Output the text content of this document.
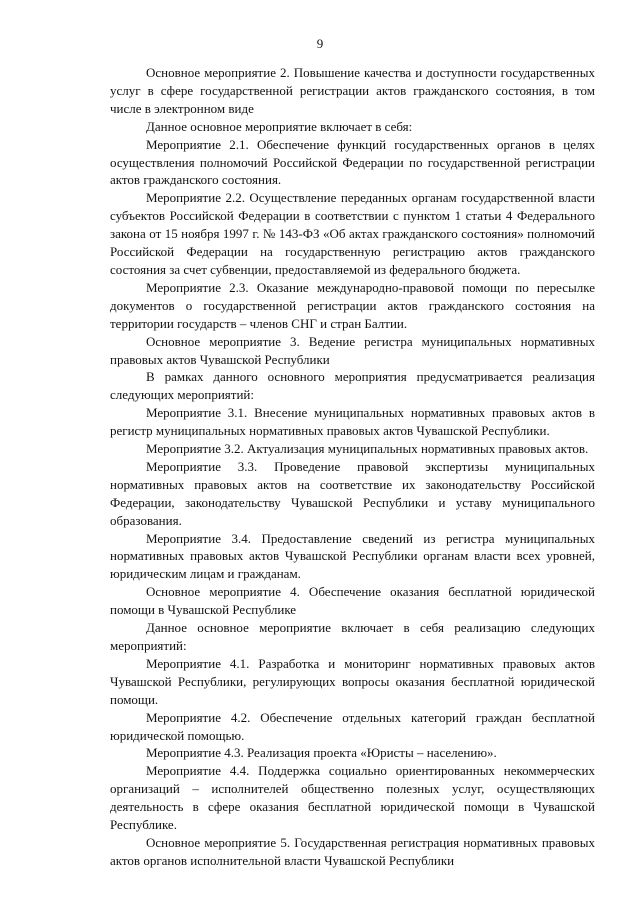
9

Основное мероприятие 2. Повышение качества и доступности государственных услуг в сфере государственной регистрации актов гражданского состояния, в том числе в электронном виде

Данное основное мероприятие включает в себя:

Мероприятие 2.1. Обеспечение функций государственных органов в целях осуществления полномочий Российской Федерации по государственной регистрации актов гражданского состояния.

Мероприятие 2.2. Осуществление переданных органам государственной власти субъектов Российской Федерации в соответствии с пунктом 1 статьи 4 Федерального закона от 15 ноября 1997 г. № 143-ФЗ «Об актах гражданского состояния» полномочий Российской Федерации на государственную регистрацию актов гражданского состояния за счет субвенции, предоставляемой из федерального бюджета.

Мероприятие 2.3. Оказание международно-правовой помощи по пересылке документов о государственной регистрации актов гражданского состояния на территории государств – членов СНГ и стран Балтии.

Основное мероприятие 3. Ведение регистра муниципальных нормативных правовых актов Чувашской Республики

В рамках данного основного мероприятия предусматривается реализация следующих мероприятий:

Мероприятие 3.1. Внесение муниципальных нормативных правовых актов в регистр муниципальных нормативных правовых актов Чувашской Республики.

Мероприятие 3.2. Актуализация муниципальных нормативных правовых актов.

Мероприятие 3.3. Проведение правовой экспертизы муниципальных нормативных правовых актов на соответствие их законодательству Российской Федерации, законодательству Чувашской Республики и уставу муниципального образования.

Мероприятие 3.4. Предоставление сведений из регистра муниципальных нормативных правовых актов Чувашской Республики органам власти всех уровней, юридическим лицам и гражданам.

Основное мероприятие 4. Обеспечение оказания бесплатной юридической помощи в Чувашской Республике

Данное основное мероприятие включает в себя реализацию следующих мероприятий:

Мероприятие 4.1. Разработка и мониторинг нормативных правовых актов Чувашской Республики, регулирующих вопросы оказания бесплатной юридической помощи.

Мероприятие 4.2. Обеспечение отдельных категорий граждан бесплатной юридической помощью.

Мероприятие 4.3. Реализация проекта «Юристы – населению».

Мероприятие 4.4. Поддержка социально ориентированных некоммерческих организаций – исполнителей общественно полезных услуг, осуществляющих деятельность в сфере оказания бесплатной юридической помощи в Чувашской Республике.

Основное мероприятие 5. Государственная регистрация нормативных правовых актов органов исполнительной власти Чувашской Республики
